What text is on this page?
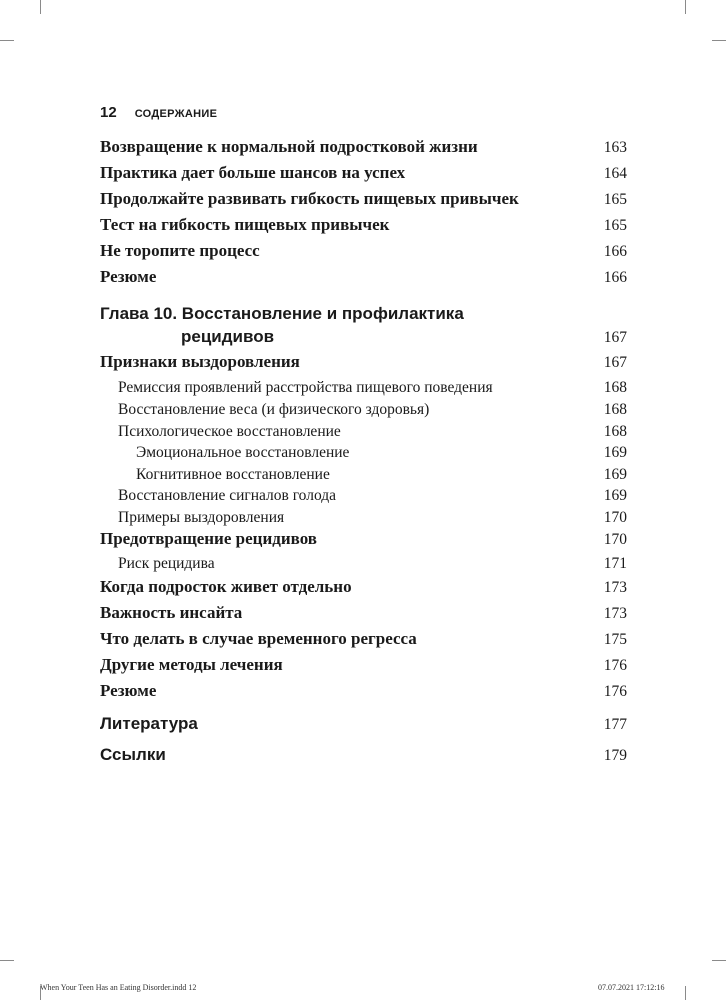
12 СОДЕРЖАНИЕ
Возвращение к нормальной подростковой жизни	163
Практика дает больше шансов на успех	164
Продолжайте развивать гибкость пищевых привычек	165
Тест на гибкость пищевых привычек	165
Не торопите процесс	166
Резюме	166
Глава 10. Восстановление и профилактика
рецидивов	167
Признаки выздоровления	167
Ремиссия проявлений расстройства пищевого поведения	168
Восстановление веса (и физического здоровья)	168
Психологическое восстановление	168
Эмоциональное восстановление	169
Когнитивное восстановление	169
Восстановление сигналов голода	169
Примеры выздоровления	170
Предотвращение рецидивов	170
Риск рецидива	171
Когда подросток живет отдельно	173
Важность инсайта	173
Что делать в случае временного регресса	175
Другие методы лечения	176
Резюме	176
Литература	177
Ссылки	179
When Your Teen Has an Eating Disorder.indd 12	07.07.2021 17:12:16
